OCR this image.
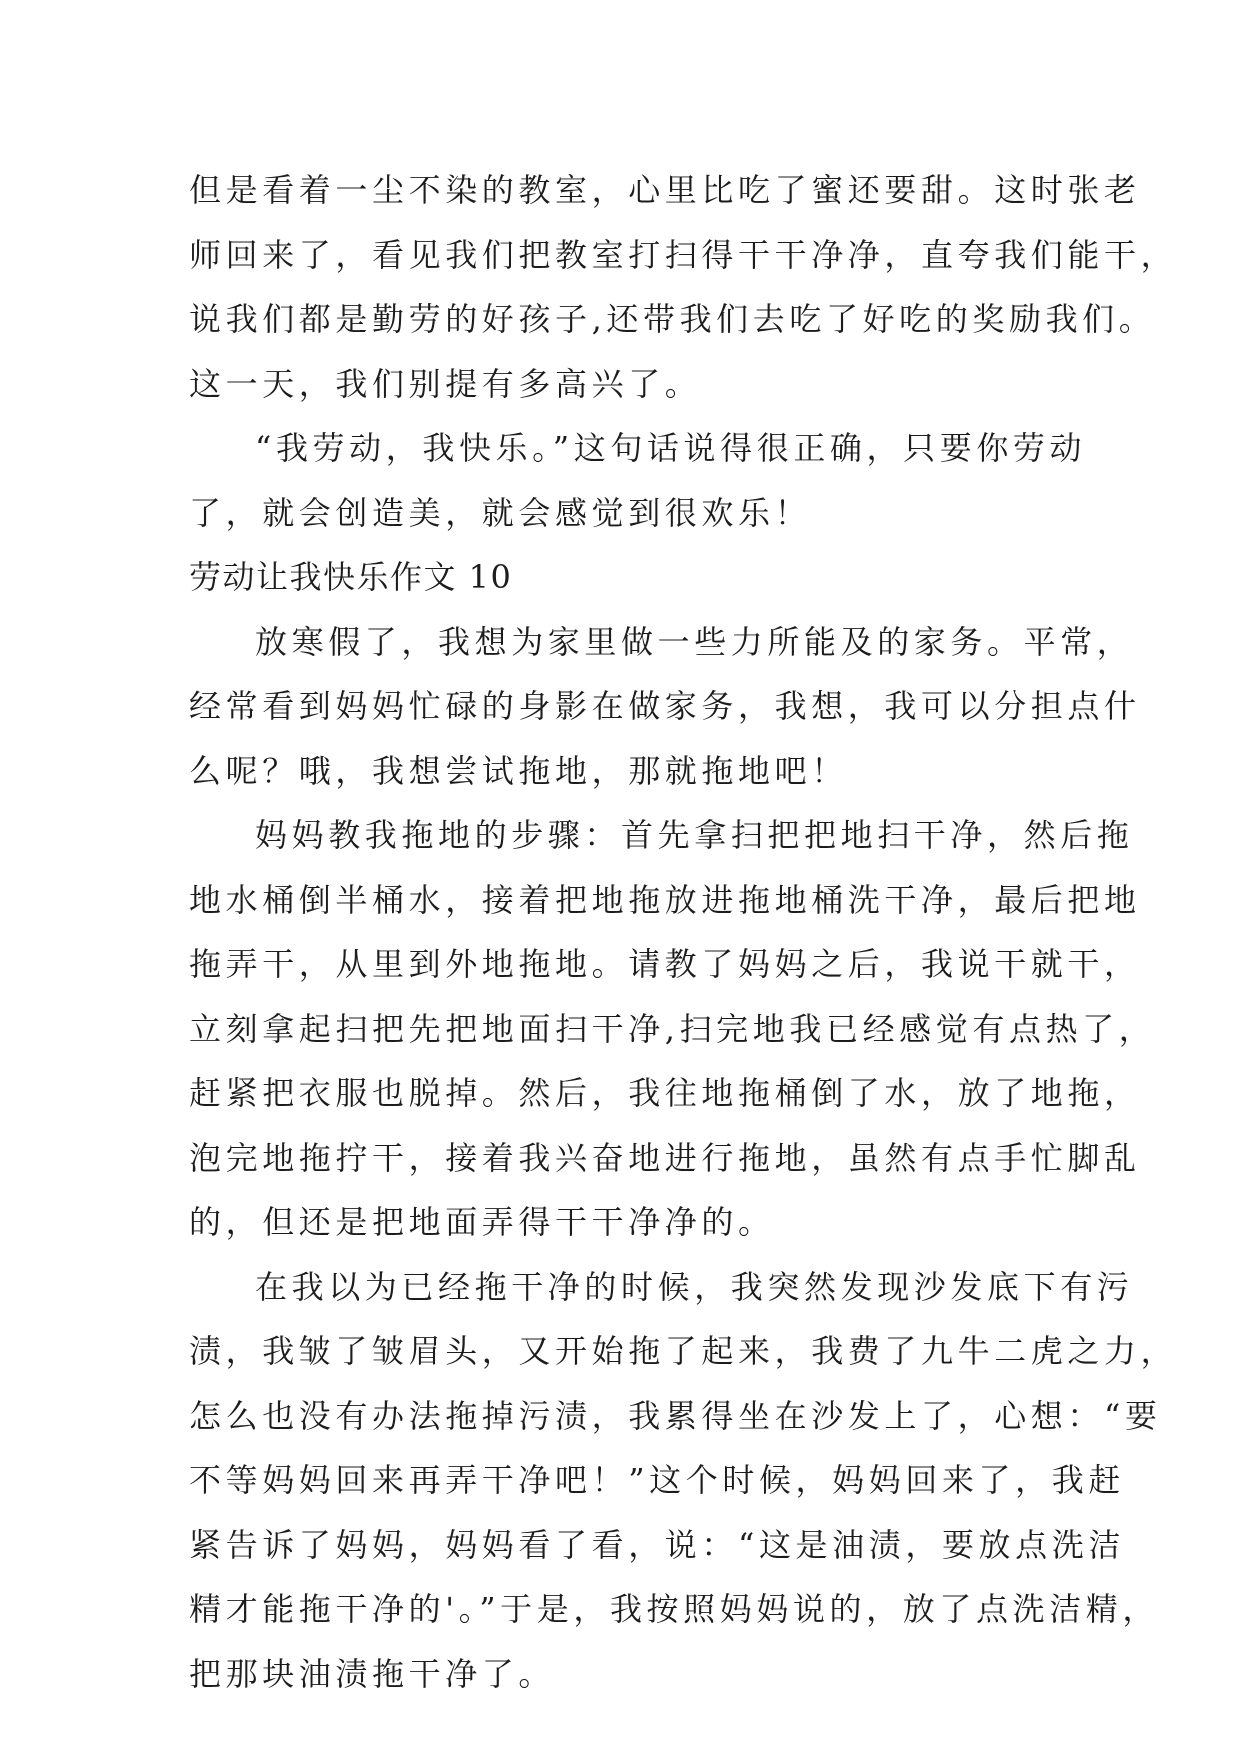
但是看着一尘不染的教室，心里比吃了蜜还要甜。这时张老
师回来了，看见我们把教室打扫得干干净净，直夸我们能干，
说我们都是勤劳的好孩子,还带我们去吃了好吃的奖励我们。
这一天，我们别提有多高兴了。
“我劳动，我快乐。”这句话说得很正确，只要你劳动
了，就会创造美，就会感觉到很欢乐！
劳动让我快乐作文 10
放寒假了，我想为家里做一些力所能及的家务。平常，
经常看到妈妈忙碌的身影在做家务，我想，我可以分担点什
么呢？哦，我想尝试拖地，那就拖地吧！
妈妈教我拖地的步骤：首先拿扫把把地扫干净，然后拖
地水桶倒半桶水，接着把地拖放进拖地桶洗干净，最后把地
拖弄干，从里到外地拖地。请教了妈妈之后，我说干就干，
立刻拿起扫把先把地面扫干净,扫完地我已经感觉有点热了，
赶紧把衣服也脱掉。然后，我往地拖桶倒了水，放了地拖，
泡完地拖拧干，接着我兴奋地进行拖地，虽然有点手忙脚乱
的，但还是把地面弄得干干净净的。
在我以为已经拖干净的时候，我突然发现沙发底下有污
渍，我皱了皱眉头，又开始拖了起来，我费了九牛二虎之力，
怎么也没有办法拖掉污渍，我累得坐在沙发上了，心想：“要
不等妈妈回来再弄干净吧！”这个时候，妈妈回来了，我赶
紧告诉了妈妈，妈妈看了看，说：“这是油渍，要放点洗洁
精才能拖干净的'。”于是，我按照妈妈说的，放了点洗洁精，
把那块油渍拖干净了。
